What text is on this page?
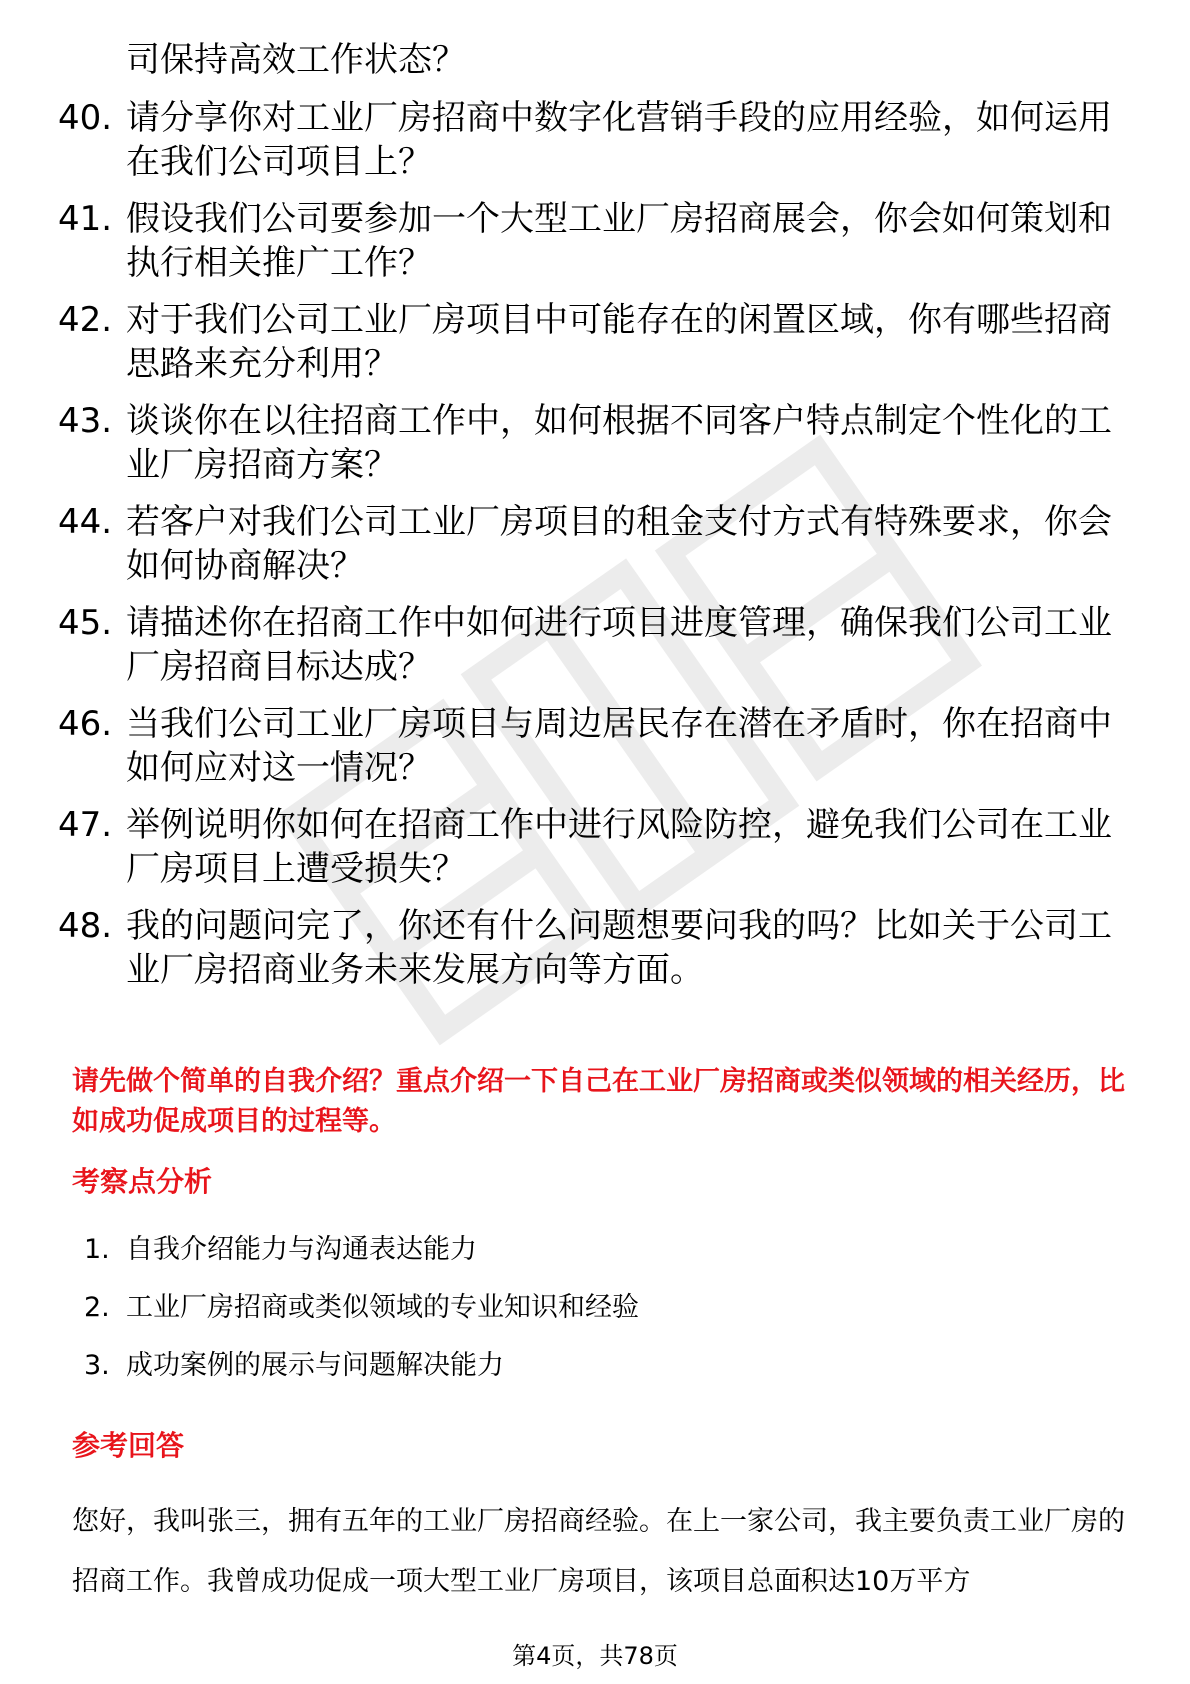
司保持高效工作状态？
40. 请分享你对工业厂房招商中数字化营销手段的应用经验，如何运用在我们公司项目上？
41. 假设我们公司要参加一个大型工业厂房招商展会，你会如何策划和执行相关推广工作？
42. 对于我们公司工业厂房项目中可能存在的闲置区域，你有哪些招商思路来充分利用？
43. 谈谈你在以往招商工作中，如何根据不同客户特点制定个性化的工业厂房招商方案？
44. 若客户对我们公司工业厂房项目的租金支付方式有特殊要求，你会如何协商解决？
45. 请描述你在招商工作中如何进行项目进度管理，确保我们公司工业厂房招商目标达成？
46. 当我们公司工业厂房项目与周边居民存在潜在矛盾时，你在招商中如何应对这一情况？
47. 举例说明你如何在招商工作中进行风险防控，避免我们公司在工业厂房项目上遭受损失？
48. 我的问题问完了，你还有什么问题想要问我的吗？比如关于公司工业厂房招商业务未来发展方向等方面。
请先做个简单的自我介绍？重点介绍一下自己在工业厂房招商或类似领域的相关经历，比如成功促成项目的过程等。
考察点分析
1. 自我介绍能力与沟通表达能力
2. 工业厂房招商或类似领域的专业知识和经验
3. 成功案例的展示与问题解决能力
参考回答
您好，我叫张三，拥有五年的工业厂房招商经验。在上一家公司，我主要负责工业厂房的招商工作。我曾成功促成一项大型工业厂房项目，该项目总面积达10万平方
第4页，共78页
